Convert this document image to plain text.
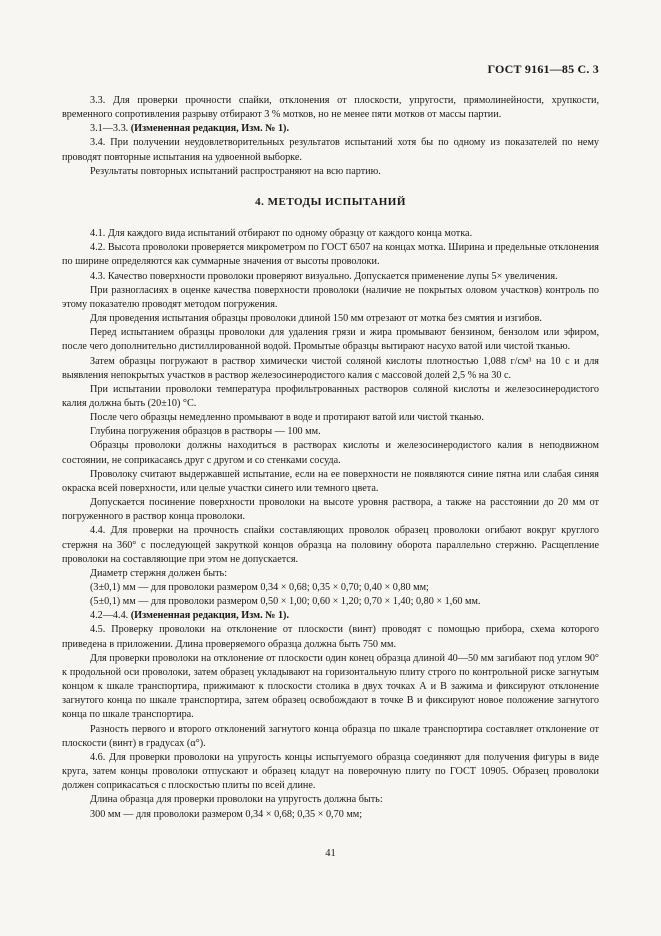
ГОСТ 9161—85 С. 3

3.3. Для проверки прочности спайки, отклонения от плоскости, упругости, прямолинейности, хрупкости, временного сопротивления разрыву отбирают 3 % мотков, но не менее пяти мотков от массы партии.

3.1—3.3. (Измененная редакция, Изм. № 1).

3.4. При получении неудовлетворительных результатов испытаний хотя бы по одному из показателей по нему проводят повторные испытания на удвоенной выборке.

Результаты повторных испытаний распространяют на всю партию.

4. МЕТОДЫ ИСПЫТАНИЙ

4.1. Для каждого вида испытаний отбирают по одному образцу от каждого конца мотка.

4.2. Высота проволоки проверяется микрометром по ГОСТ 6507 на концах мотка. Ширина и предельные отклонения по ширине определяются как суммарные значения от высоты проволоки.

4.3. Качество поверхности проволоки проверяют визуально. Допускается применение лупы 5× увеличения.

При разногласиях в оценке качества поверхности проволоки (наличие не покрытых оловом участков) контроль по этому показателю проводят методом погружения.

Для проведения испытания образцы проволоки длиной 150 мм отрезают от мотка без смятия и изгибов.

Перед испытанием образцы проволоки для удаления грязи и жира промывают бензином, бензолом или эфиром, после чего дополнительно дистиллированной водой. Промытые образцы вытирают насухо ватой или чистой тканью.

Затем образцы погружают в раствор химически чистой соляной кислоты плотностью 1,088 г/см³ на 10 с и для выявления непокрытых участков в раствор железосинеродистого калия с массовой долей 2,5 % на 30 с.

При испытании проволоки температура профильтрованных растворов соляной кислоты и железосинеродистого калия должна быть (20±10) °С.

После чего образцы немедленно промывают в воде и протирают ватой или чистой тканью.

Глубина погружения образцов в растворы — 100 мм.

Образцы проволоки должны находиться в растворах кислоты и железосинеродистого калия в неподвижном состоянии, не соприкасаясь друг с другом и со стенками сосуда.

Проволоку считают выдержавшей испытание, если на ее поверхности не появляются синие пятна или слабая синяя окраска всей поверхности, или целые участки синего или темного цвета.

Допускается посинение поверхности проволоки на высоте уровня раствора, а также на расстоянии до 20 мм от погруженного в раствор конца проволоки.

4.4. Для проверки на прочность спайки составляющих проволок образец проволоки огибают вокруг круглого стержня на 360° с последующей закруткой концов образца на половину оборота параллельно стержню. Расщепление проволоки на составляющие при этом не допускается.

Диаметр стержня должен быть:

(3±0,1) мм — для проволоки размером 0,34 × 0,68; 0,35 × 0,70; 0,40 × 0,80 мм;

(5±0,1) мм — для проволоки размером 0,50 × 1,00; 0,60 × 1,20; 0,70 × 1,40; 0,80 × 1,60 мм.

4.2—4.4. (Измененная редакция, Изм. № 1).

4.5. Проверку проволоки на отклонение от плоскости (винт) проводят с помощью прибора, схема которого приведена в приложении. Длина проверяемого образца должна быть 750 мм.

Для проверки проволоки на отклонение от плоскости один конец образца длиной 40—50 мм загибают под углом 90° к продольной оси проволоки, затем образец укладывают на горизонтальную плиту строго по контрольной риске загнутым концом к шкале транспортира, прижимают к плоскости столика в двух точках А и В зажима и фиксируют отклонение загнутого конца по шкале транспортира, затем образец освобождают в точке В и фиксируют новое положение загнутого конца по шкале транспортира.

Разность первого и второго отклонений загнутого конца образца по шкале транспортира составляет отклонение от плоскости (винт) в градусах (α°).

4.6. Для проверки проволоки на упругость концы испытуемого образца соединяют для получения фигуры в виде круга, затем концы проволоки отпускают и образец кладут на поверочную плиту по ГОСТ 10905. Образец проволоки должен соприкасаться с плоскостью плиты по всей длине.

Длина образца для проверки проволоки на упругость должна быть:

300 мм — для проволоки размером 0,34 × 0,68; 0,35 × 0,70 мм;

41
